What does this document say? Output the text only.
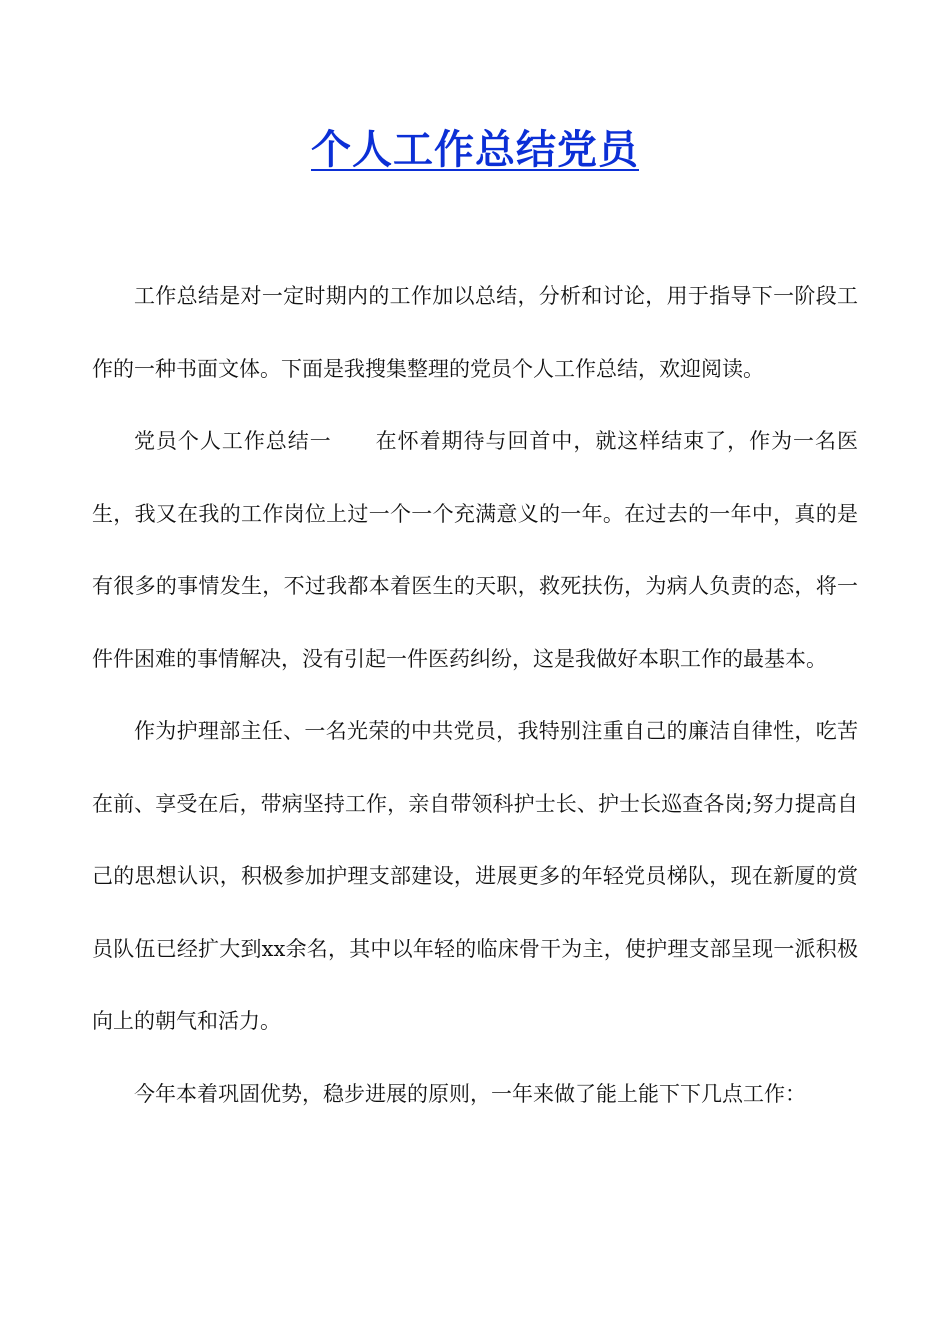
个人工作总结党员

工作总结是对一定时期内的工作加以总结，分析和讨论，用于指导下一阶段工作的一种书面文体。下面是我搜集整理的党员个人工作总结，欢迎阅读。

党员个人工作总结一　　在怀着期待与回首中，就这样结束了，作为一名医生，我又在我的工作岗位上过一个一个充满意义的一年。在过去的一年中，真的是有很多的事情发生，不过我都本着医生的天职，救死扶伤，为病人负责的态，将一件件困难的事情解决，没有引起一件医药纠纷，这是我做好本职工作的最基本。

作为护理部主任、一名光荣的中共党员，我特别注重自己的廉洁自律性，吃苦在前、享受在后，带病坚持工作，亲自带领科护士长、护士长巡查各岗;努力提高自己的思想认识，积极参加护理支部建设，进展更多的年轻党员梯队，现在新厦的赏员队伍已经扩大到xx余名，其中以年轻的临床骨干为主，使护理支部呈现一派积极向上的朝气和活力。

今年本着巩固优势，稳步进展的原则，一年来做了能上能下下几点工作：
